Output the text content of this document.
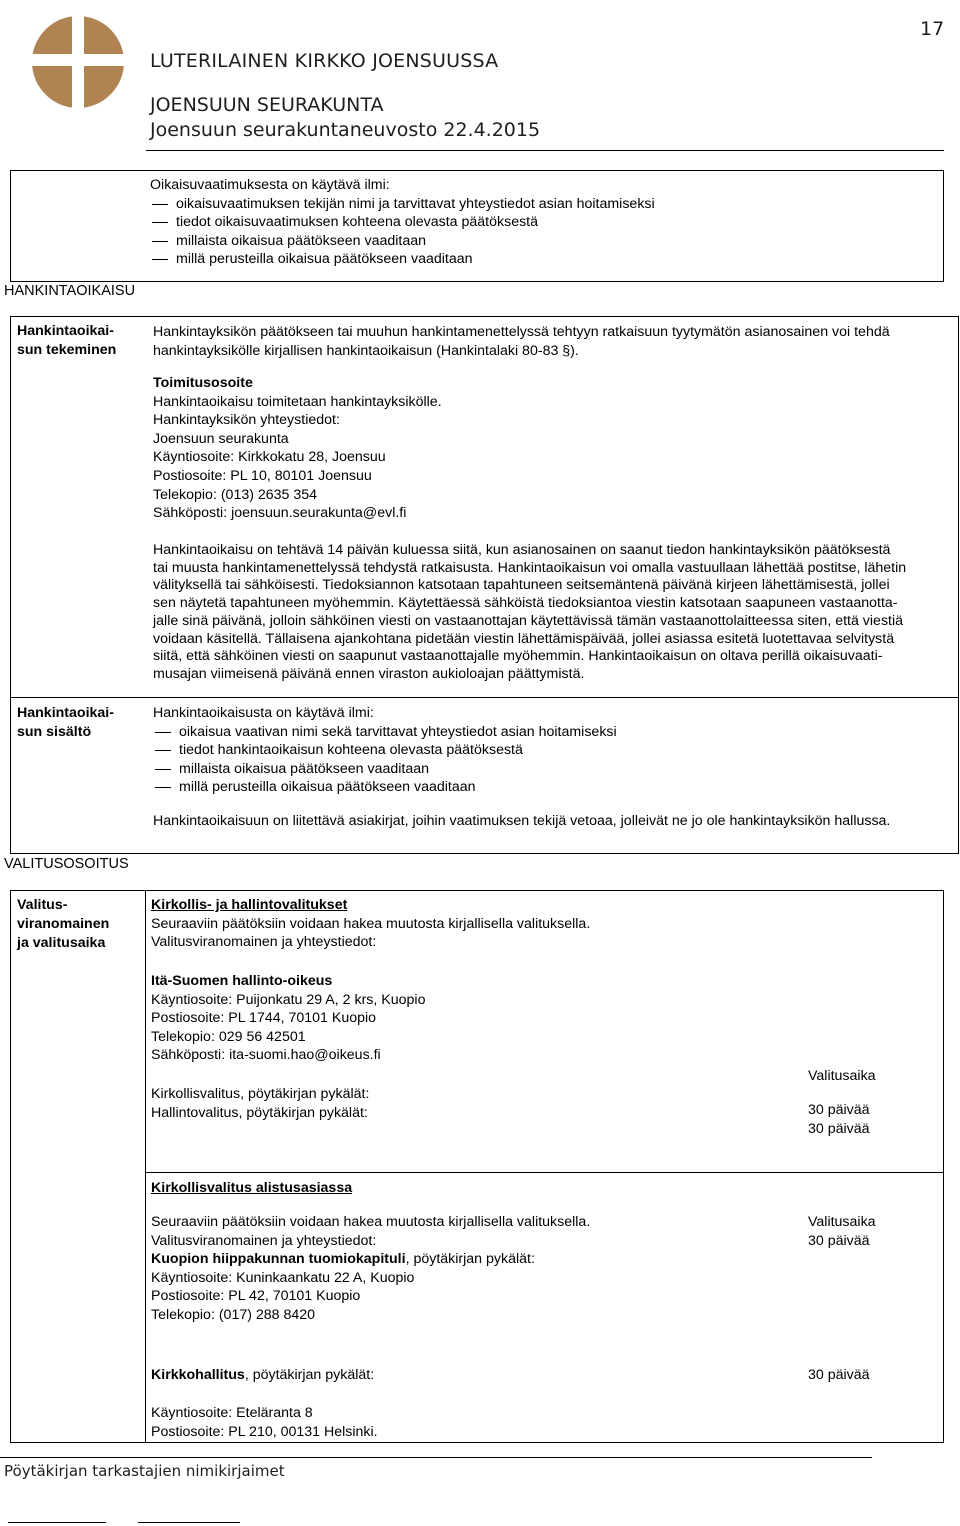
17
LUTERILAINEN KIRKKO JOENSUUSSA
JOENSUUN SEURAKUNTA
Joensuun seurakuntaneuvosto 22.4.2015
Oikaisuvaatimuksesta on käytävä ilmi:
oikaisuvaatimuksen tekijän nimi ja tarvittavat yhteystiedot asian hoitamiseksi
tiedot oikaisuvaatimuksen kohteena olevasta päätöksestä
millaista oikaisua päätökseen vaaditaan
millä perusteilla oikaisua päätökseen vaaditaan
HANKINTAOIKAISU
Hankintaoikai-
sun tekeminen
Hankintayksikön päätökseen tai muuhun hankintamenettelyssä tehtyyn ratkaisuun tyytymätön asianosainen voi tehdä
hankintayksikölle kirjallisen hankintaoikaisun (Hankintalaki 80-83 §).
Toimitusosoite
Hankintaoikaisu toimitetaan hankintayksikölle.
Hankintayksikön yhteystiedot:
Joensuun seurakunta
Käyntiosoite: Kirkkokatu 28, Joensuu
Postiosoite: PL 10, 80101 Joensuu
Telekopio: (013) 2635 354
Sähköposti: joensuun.seurakunta@evl.fi
Hankintaoikaisu on tehtävä 14 päivän kuluessa siitä, kun asianosainen on saanut tiedon hankintayksikön päätöksestä
tai muusta hankintamenettelyssä tehdystä ratkaisusta. Hankintaoikaisun voi omalla vastuullaan lähettää postitse, lähetin
välityksellä tai sähköisesti. Tiedoksiannon katsotaan tapahtuneen seitsemäntenä päivänä kirjeen lähettämisestä, jollei
sen näytetä tapahtuneen myöhemmin. Käytettäessä sähköistä tiedoksiantoa viestin katsotaan saapuneen vastaanotta-
jalle sinä päivänä, jolloin sähköinen viesti on vastaanottajan käytettävissä tämän vastaanottolaitteessa siten, että viestiä
voidaan käsitellä. Tällaisena ajankohtana pidetään viestin lähettämispäivää, jollei asiassa esitetä luotettavaa selvitystä
siitä, että sähköinen viesti on saapunut vastaanottajalle myöhemmin. Hankintaoikaisun on oltava perillä oikaisuvaati-
musajan viimeisenä päivänä ennen viraston aukioloajan päättymistä.
Hankintaoikai-
sun sisältö
Hankintaoikaisusta on käytävä ilmi:
oikaisua vaativan nimi sekä tarvittavat yhteystiedot asian hoitamiseksi
tiedot hankintaoikaisun kohteena olevasta päätöksestä
millaista oikaisua päätökseen vaaditaan
millä perusteilla oikaisua päätökseen vaaditaan
Hankintaoikaisuun on liitettävä asiakirjat, joihin vaatimuksen tekijä vetoaa, jolleivät ne jo ole hankintayksikön hallussa.
VALITUSOSOITUS
Valitus-
viranomainen
ja valitusaika
Kirkollis- ja hallintovalitukset
Seuraaviin päätöksiin voidaan hakea muutosta kirjallisella valituksella.
Valitusviranomainen ja yhteystiedot:
Itä-Suomen hallinto-oikeus
Käyntiosoite: Puijonkatu 29 A, 2 krs, Kuopio
Postiosoite: PL 1744, 70101 Kuopio
Telekopio: 029 56 42501
Sähköposti: ita-suomi.hao@oikeus.fi
Valitusaika
Kirkollisvalitus, pöytäkirjan pykälät:
Hallintovalitus, pöytäkirjan pykälät:	30 päivää
30 päivää
Kirkollisvalitus alistusasiassa
Seuraaviin päätöksiin voidaan hakea muutosta kirjallisella valituksella.
Valitusviranomainen ja yhteystiedot:
Kuopion hiippakunnan tuomiokapituli, pöytäkirjan pykälät:
Käyntiosoite: Kuninkaankatu 22 A, Kuopio
Postiosoite: PL 42, 70101 Kuopio
Telekopio: (017) 288 8420
Valitusaika
30 päivää
Kirkkohallitus, pöytäkirjan pykälät:	30 päivää
Käyntiosoite: Eteläranta 8
Postiosoite: PL 210, 00131 Helsinki.
Pöytäkirjan tarkastajien nimikirjaimet
